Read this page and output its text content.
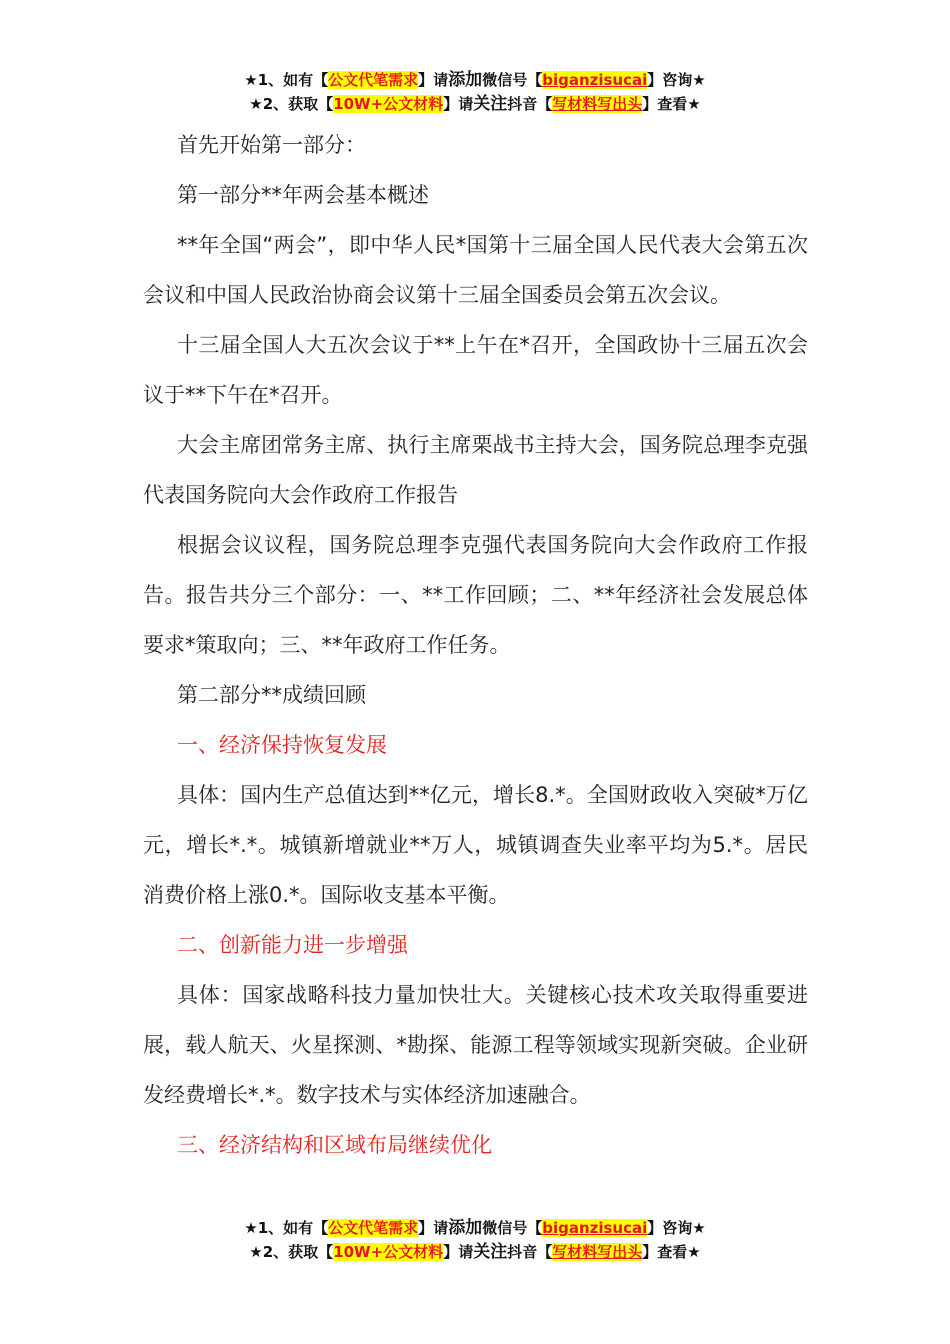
★1、如有【公文代笔需求】请添加微信号【biganzisucai】咨询★
★2、获取【10W+公文材料】请关注抖音【写材料写出头】查看★

首先开始第一部分：

第一部分**年两会基本概述

**年全国“两会”，即中华人民*国第十三届全国人民代表大会第五次会议和中国人民政治协商会议第十三届全国委员会第五次会议。

十三届全国人大五次会议于**上午在*召开，全国政协十三届五次会议于**下午在*召开。

大会主席团常务主席、执行主席栗战书主持大会，国务院总理李克强代表国务院向大会作政府工作报告

根据会议议程，国务院总理李克强代表国务院向大会作政府工作报告。报告共分三个部分：一、**工作回顾；二、**年经济社会发展总体要求*策取向；三、**年政府工作任务。

第二部分**成绩回顾

一、经济保持恢复发展

具体：国内生产总值达到**亿元，增长8.*。全国财政收入突破*万亿元，增长*.*。城镇新增就业**万人，城镇调查失业率平均为5.*。居民消费价格上涨0.*。国际收支基本平衡。

二、创新能力进一步增强

具体：国家战略科技力量加快壮大。关键核心技术攻关取得重要进展，载人航天、火星探测、*勘探、能源工程等领域实现新突破。企业研发经费增长*.*。数字技术与实体经济加速融合。

三、经济结构和区域布局继续优化

★1、如有【公文代笔需求】请添加微信号【biganzisucai】咨询★
★2、获取【10W+公文材料】请关注抖音【写材料写出头】查看★
